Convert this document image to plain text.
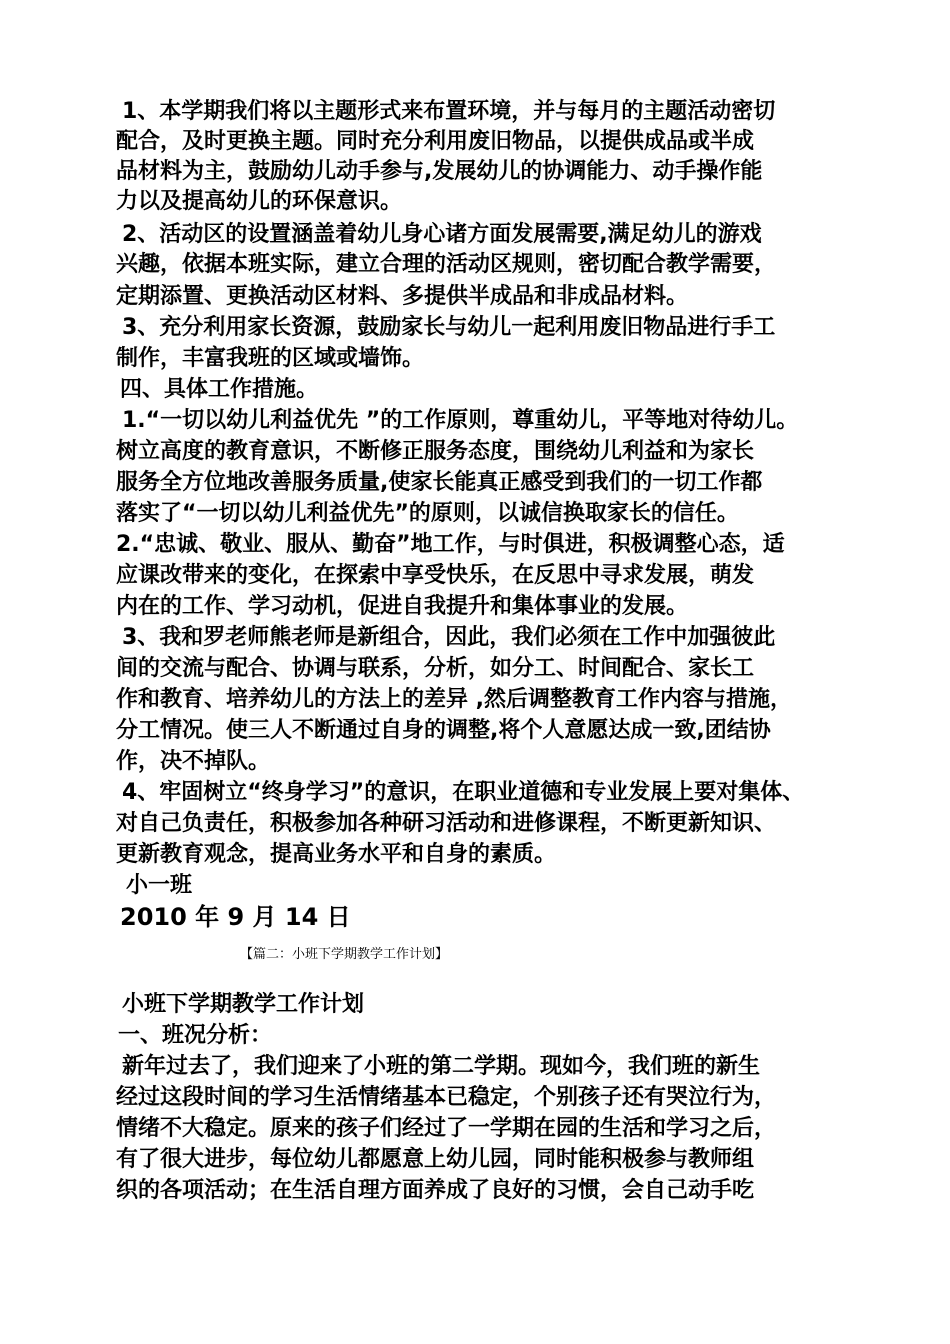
1、本学期我们将以主题形式来布置环境，并与每月的主题活动密切
配合，及时更换主题。同时充分利用废旧物品，以提供成品或半成
品材料为主，鼓励幼儿动手参与,发展幼儿的协调能力、动手操作能
力以及提高幼儿的环保意识。
2、活动区的设置涵盖着幼儿身心诸方面发展需要,满足幼儿的游戏
兴趣，依据本班实际，建立合理的活动区规则，密切配合教学需要，
定期添置、更换活动区材料、多提供半成品和非成品材料。
3、充分利用家长资源，鼓励家长与幼儿一起利用废旧物品进行手工
制作，丰富我班的区域或墙饰。
四、具体工作措施。
1.“一切以幼儿利益优先 ”的工作原则，尊重幼儿，平等地对待幼儿。
树立高度的教育意识，不断修正服务态度，围绕幼儿利益和为家长
服务全方位地改善服务质量,使家长能真正感受到我们的一切工作都
落实了“一切以幼儿利益优先”的原则，以诚信换取家长的信任。
2.“忠诚、敬业、服从、勤奋”地工作，与时俱进，积极调整心态，适
应课改带来的变化，在探索中享受快乐，在反思中寻求发展，萌发
内在的工作、学习动机，促进自我提升和集体事业的发展。
3、我和罗老师熊老师是新组合，因此，我们必须在工作中加强彼此
间的交流与配合、协调与联系，分析，如分工、时间配合、家长工
作和教育、培养幼儿的方法上的差异 ,然后调整教育工作内容与措施，
分工情况。使三人不断通过自身的调整,将个人意愿达成一致,团结协
作，决不掉队。
4、牢固树立“终身学习”的意识，在职业道德和专业发展上要对集体、
对自己负责任，积极参加各种研习活动和进修课程，不断更新知识、
更新教育观念，提高业务水平和自身的素质。
小一班
2010 年 9 月 14 日
【篇二：小班下学期教学工作计划】
小班下学期教学工作计划
一、班况分析：
新年过去了，我们迎来了小班的第二学期。现如今，我们班的新生
经过这段时间的学习生活情绪基本已稳定，个别孩子还有哭泣行为，
情绪不大稳定。原来的孩子们经过了一学期在园的生活和学习之后，
有了很大进步，每位幼儿都愿意上幼儿园，同时能积极参与教师组
织的各项活动；在生活自理方面养成了良好的习惯，会自己动手吃
